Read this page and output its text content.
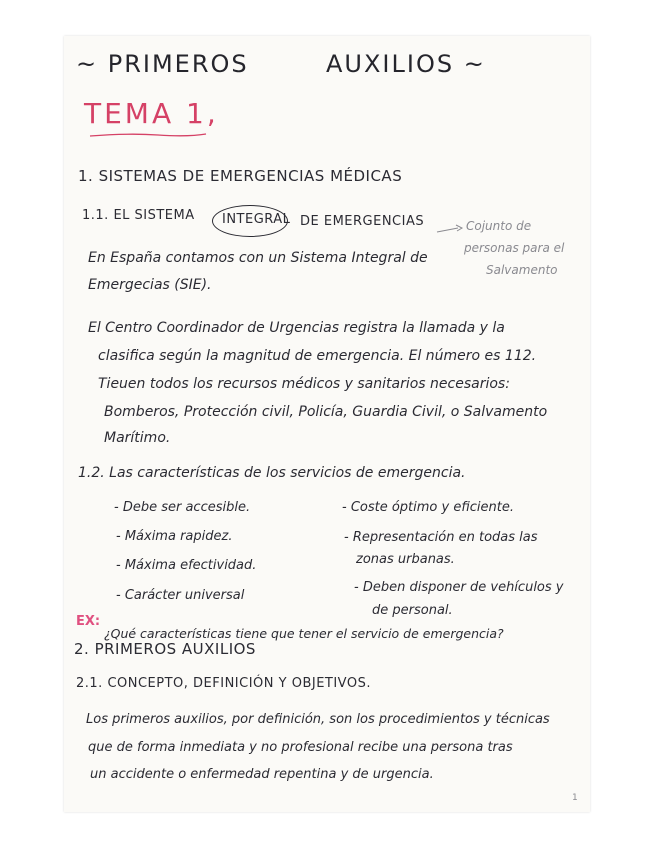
~ PRIMEROS	AUXILIOS ~
TEMA 1,
1. SISTEMAS DE EMERGENCIAS MÉDICAS
1.1. EL SISTEMA INTEGRAL DE EMERGENCIAS	Cojunto de
personas para el
Salvamento
En España contamos con un Sistema Integral de
Emergecias (SIE).
El Centro Coordinador de Urgencias registra la llamada y la
clasifica según la magnitud de emergencia. El número es 112.
Tieuen todos los recursos médicos y sanitarios necesarios:
Bomberos, Protección civil, Policía, Guardia Civil, o Salvamento
Marítimo.
1.2. Las características de los servicios de emergencia.
- Debe ser accesible.
- Máxima rapidez.
- Máxima efectividad.
- Carácter universal
- Coste óptimo y eficiente.
- Representación en todas las
zonas urbanas.
- Deben disponer de vehículos y
de personal.
EX:
¿Qué características tiene que tener el servicio de emergencia?
2. PRIMEROS AUXILIOS
2.1. CONCEPTO, DEFINICIÓN Y OBJETIVOS.
Los primeros auxilios, por definición, son los procedimientos y técnicas
que de forma inmediata y no profesional recibe una persona tras
un accidente o enfermedad repentina y de urgencia.
1
